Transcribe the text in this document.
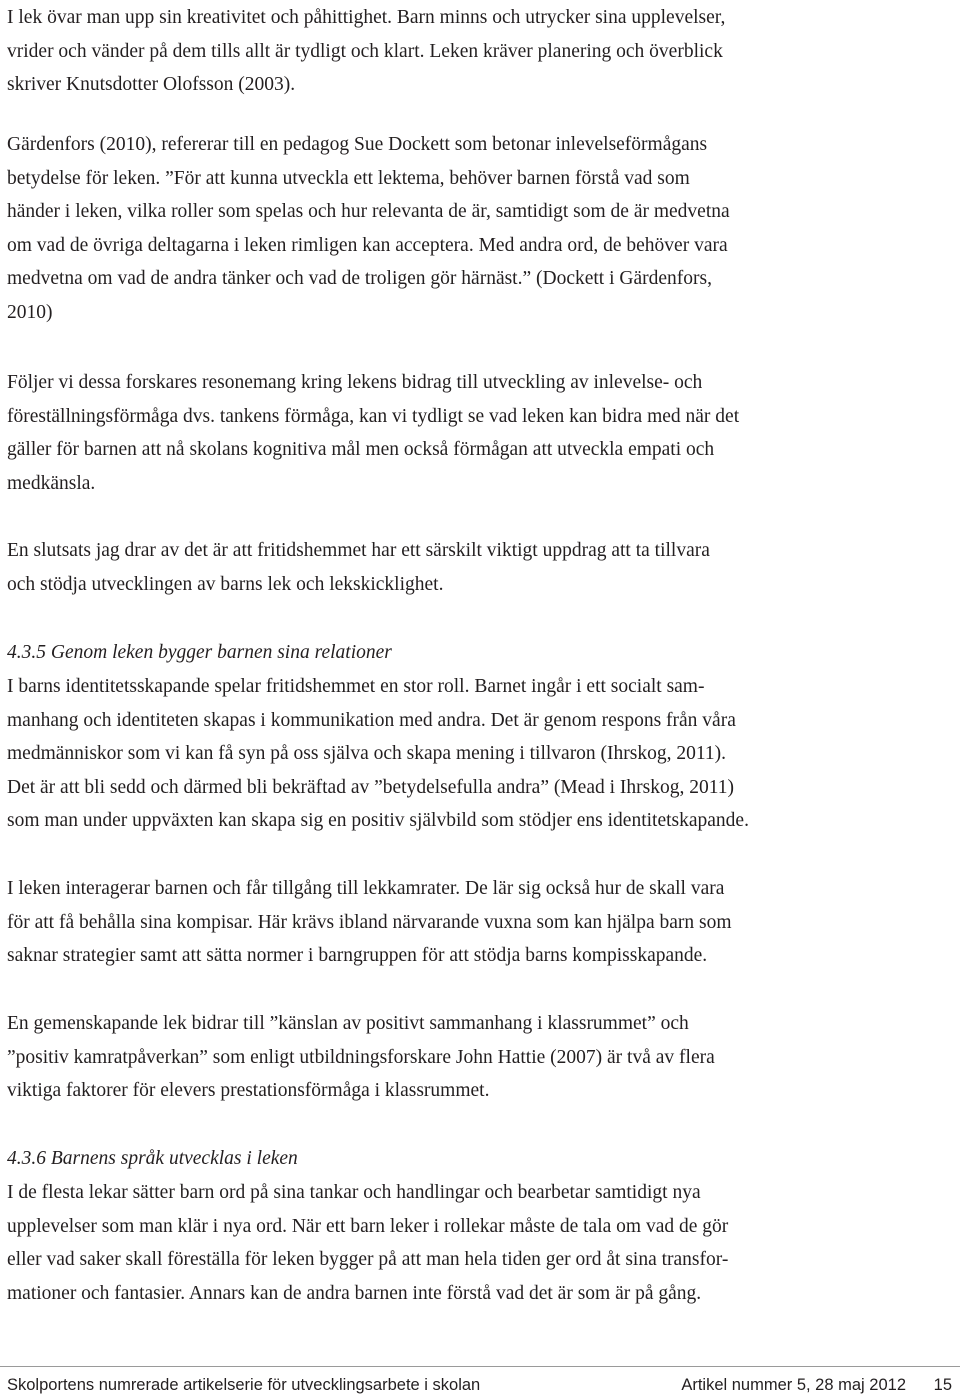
I lek övar man upp sin kreativitet och påhittighet. Barn minns och utrycker sina upplevelser,
vrider och vänder på dem tills allt är tydligt och klart. Leken kräver planering och överblick
skriver Knutsdotter Olofsson (2003).
Gärdenfors (2010), refererar till en pedagog Sue Dockett som betonar inlevelseförmågans
betydelse för leken. ”För att kunna utveckla ett lektema, behöver barnen förstå vad som
händer i leken, vilka roller som spelas och hur relevanta de är, samtidigt som de är medvetna
om vad de övriga deltagarna i leken rimligen kan acceptera. Med andra ord, de behöver vara
medvetna om vad de andra tänker och vad de troligen gör härnäst.” (Dockett i Gärdenfors,
2010)
Följer vi dessa forskares resonemang kring lekens bidrag till utveckling av inlevelse- och
föreställningsförmåga dvs. tankens förmåga, kan vi tydligt se vad leken kan bidra med när det
gäller för barnen att nå skolans kognitiva mål men också förmågan att utveckla empati och
medkänsla.
En slutsats jag drar av det är att fritidshemmet har ett särskilt viktigt uppdrag att ta tillvara
och stödja utvecklingen av barns lek och lekskicklighet.
4.3.5 Genom leken bygger barnen sina relationer
I barns identitetsskapande spelar fritidshemmet en stor roll. Barnet ingår i ett socialt sam-
manhang och identiteten skapas i kommunikation med andra. Det är genom respons från våra
medmänniskor som vi kan få syn på oss själva och skapa mening i tillvaron (Ihrskog, 2011).
Det är att bli sedd och därmed bli bekräftad av ”betydelsefulla andra” (Mead i Ihrskog, 2011)
som man under uppväxten kan skapa sig en positiv självbild som stödjer ens identitetskapande.
I leken interagerar barnen och får tillgång till lekkamrater. De lär sig också hur de skall vara
för att få behålla sina kompisar. Här krävs ibland närvarande vuxna som kan hjälpa barn som
saknar strategier samt att sätta normer i barngruppen för att stödja barns kompisskapande.
En gemenskapande lek bidrar till ”känslan av positivt sammanhang i klassrummet” och
”positiv kamratpåverkan” som enligt utbildningsforskare John Hattie (2007) är två av flera
viktiga faktorer för elevers prestationsförmåga i klassrummet.
4.3.6 Barnens språk utvecklas i leken
I de flesta lekar sätter barn ord på sina tankar och handlingar och bearbetar samtidigt nya
upplevelser som man klär i nya ord. När ett barn leker i rollekar måste de tala om vad de gör
eller vad saker skall föreställa för leken bygger på att man hela tiden ger ord åt sina transfor-
mationer och fantasier. Annars kan de andra barnen inte förstå vad det är som är på gång.
Skolportens numrerade artikelserie för utvecklingsarbete i skolan	Artikel nummer 5, 28 maj 2012 15
